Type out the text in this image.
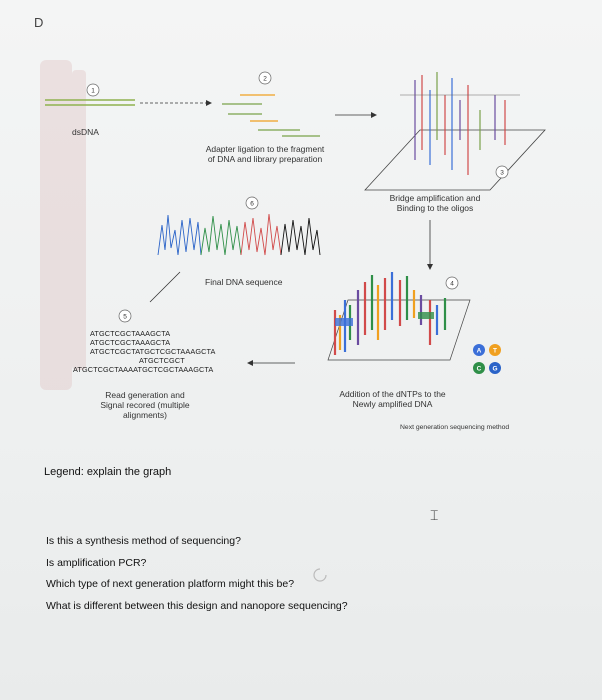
D
1
2
3
4
5
6
A T
C G
dsDNA
Adapter ligation to the fragment
of DNA and library preparation
Bridge amplification and
Binding to the oligos
Final DNA sequence
ATGCTCGCTAAAGCTA
ATGCTCGCTAAAGCTA
ATGCTCGCTATGCTCGCTAAAGCTA
ATGCTCGCT
ATGCTCGCTAAAATGCTCGCTAAAGCTA
Read generation and
Signal recored (multiple
alignments)
Addition of the dNTPs to the
Newly amplified DNA
Next generation sequencing method
Legend: explain the graph
⌶
Is this a synthesis method of sequencing?
Is amplification PCR?
Which type of next generation platform might this be?
What is different between this design and nanopore sequencing?
